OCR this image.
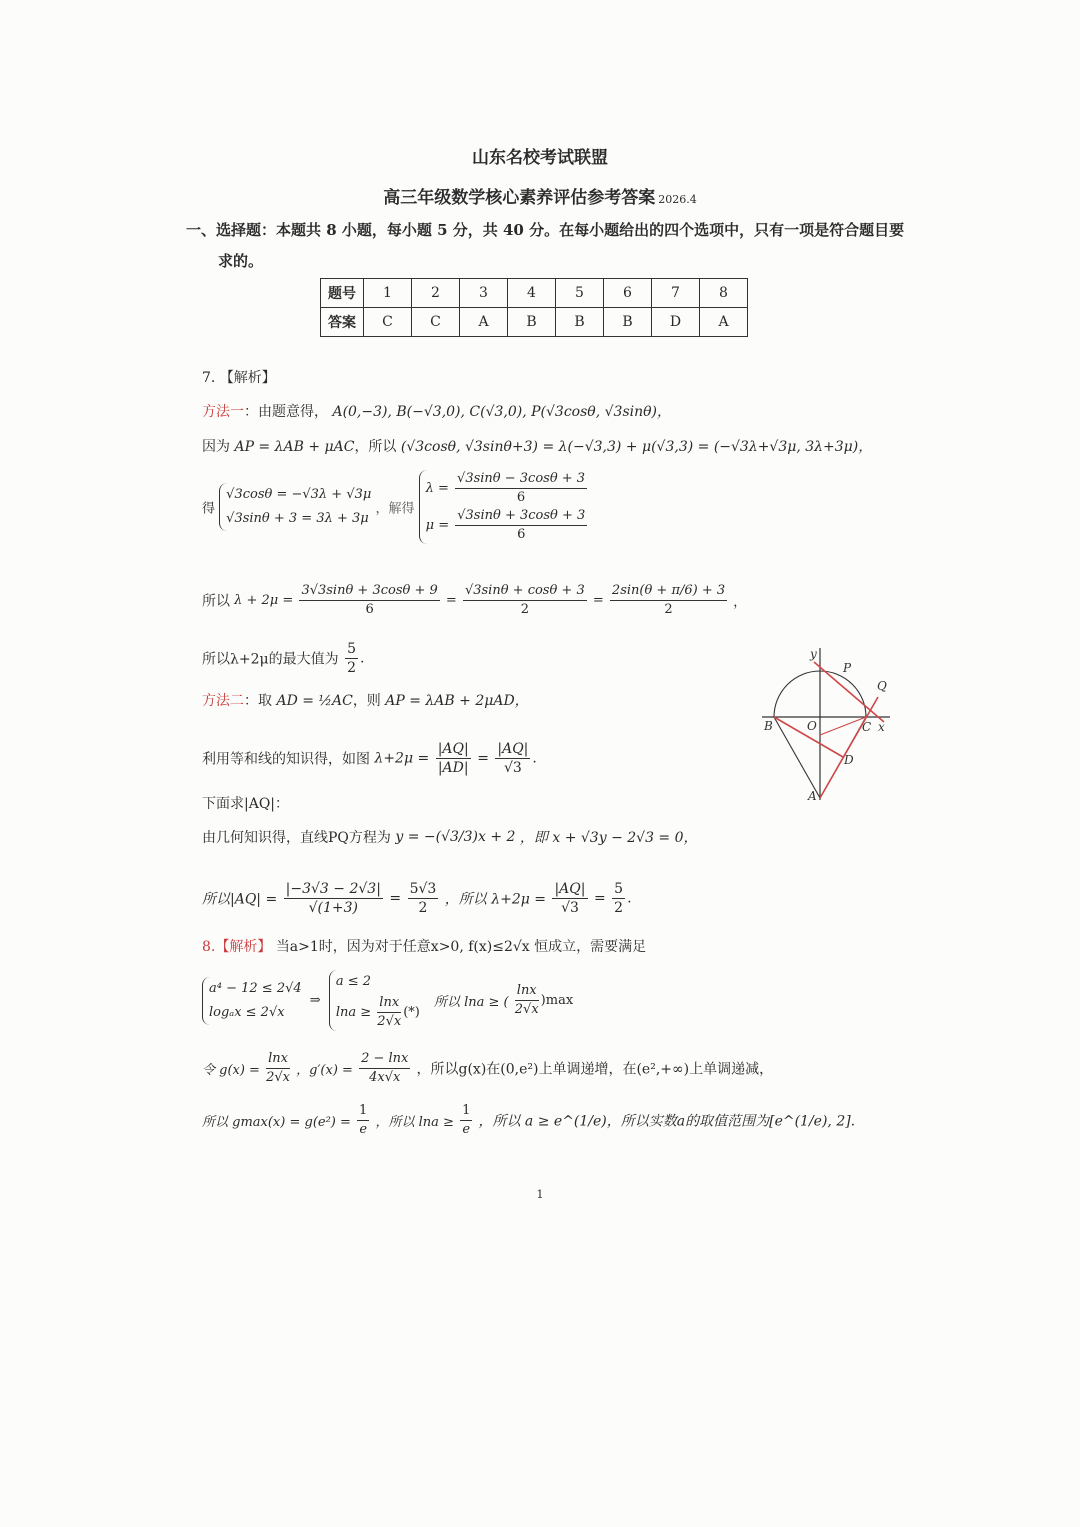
山东名校考试联盟
高三年级数学核心素养评估参考答案 2026.4
一、选择题：本题共 8 小题，每小题 5 分，共 40 分。在每小题给出的四个选项中，只有一项是符合题目要
求的。
题号	1	2	3	4	5	6	7	8
答案	C	C	A	B	B	B	D	A
7. 【解析】
方法一：由题意得， A(0,−3), B(−√3,0), C(√3,0), P(√3cosθ, √3sinθ)，
因为 AP = λAB + μAC，所以 (√3cosθ, √3sinθ+3) = λ(−√3,3) + μ(√3,3) = (−√3λ+√3μ, 3λ+3μ)，
得
√3cosθ = −√3λ + √3μ
√3sinθ + 3 = 3λ + 3μ
，解得
$\lambda = \frac{√3\sin\theta - 3\cos\theta + 3}{6}$
$\mu = \frac{√3\sin\theta + 3\cos\theta + 3}{6}$
所以 $\lambda + 2\mu = \frac{3√3\sin\theta + 3\cos\theta + 9}{6} = \frac{√3\sin\theta + \cos\theta + 3}{2} = \frac{2\sin(\theta + \pi/6) + 3}{2}$ ，
所以λ+2μ的最大值为 $\frac{5}{2}$ .
方法二：取 AD = ½AC，则 AP = λAB + 2μAD，
利用等和线的知识得，如图 $\lambda+2\mu = \frac{|AQ|}{|AD|} = \frac{|AQ|}{√3}$ .
下面求|AQ|：
由几何知识得，直线PQ方程为 y = −(√3/3)x + 2 ，即 x + √3y − 2√3 = 0，
所以$|AQ| = \frac{|-3√3 - 2√3|}{√(1+3)} = \frac{5√3}{2}$ ，所以 $\lambda+2\mu = \frac{|AQ|}{√3} = \frac{5}{2}$ .
8.【解析】 当a>1时，因为对于任意x>0, f(x)≤2√x 恒成立，需要满足
a⁴ − 12 ≤ 2√4
logₐx ≤ 2√x
⇒
a ≤ 2
$\ln a \ge \frac{\ln x}{2√x}$ (*)
所以 lna ≥ ( $\frac{\ln x}{2√x} )\max$
令 $g(x) = \frac{\ln x}{2√x}$ ，$g'(x) = \frac{2 - \ln x}{4x√x}$ ，所以g(x)在(0,e²)上单调递增，在(e²,+∞)上单调递减，
所以 $gmax(x) = g(e^2) = \frac{1}{e}$ ，所以 $\ln a \ge \frac{1}{e}$ ，所以 a ≥ e^(1/e)，所以实数a的取值范围为[e^(1/e), 2].
y
P
Q
B	O	C x
D
A
1
